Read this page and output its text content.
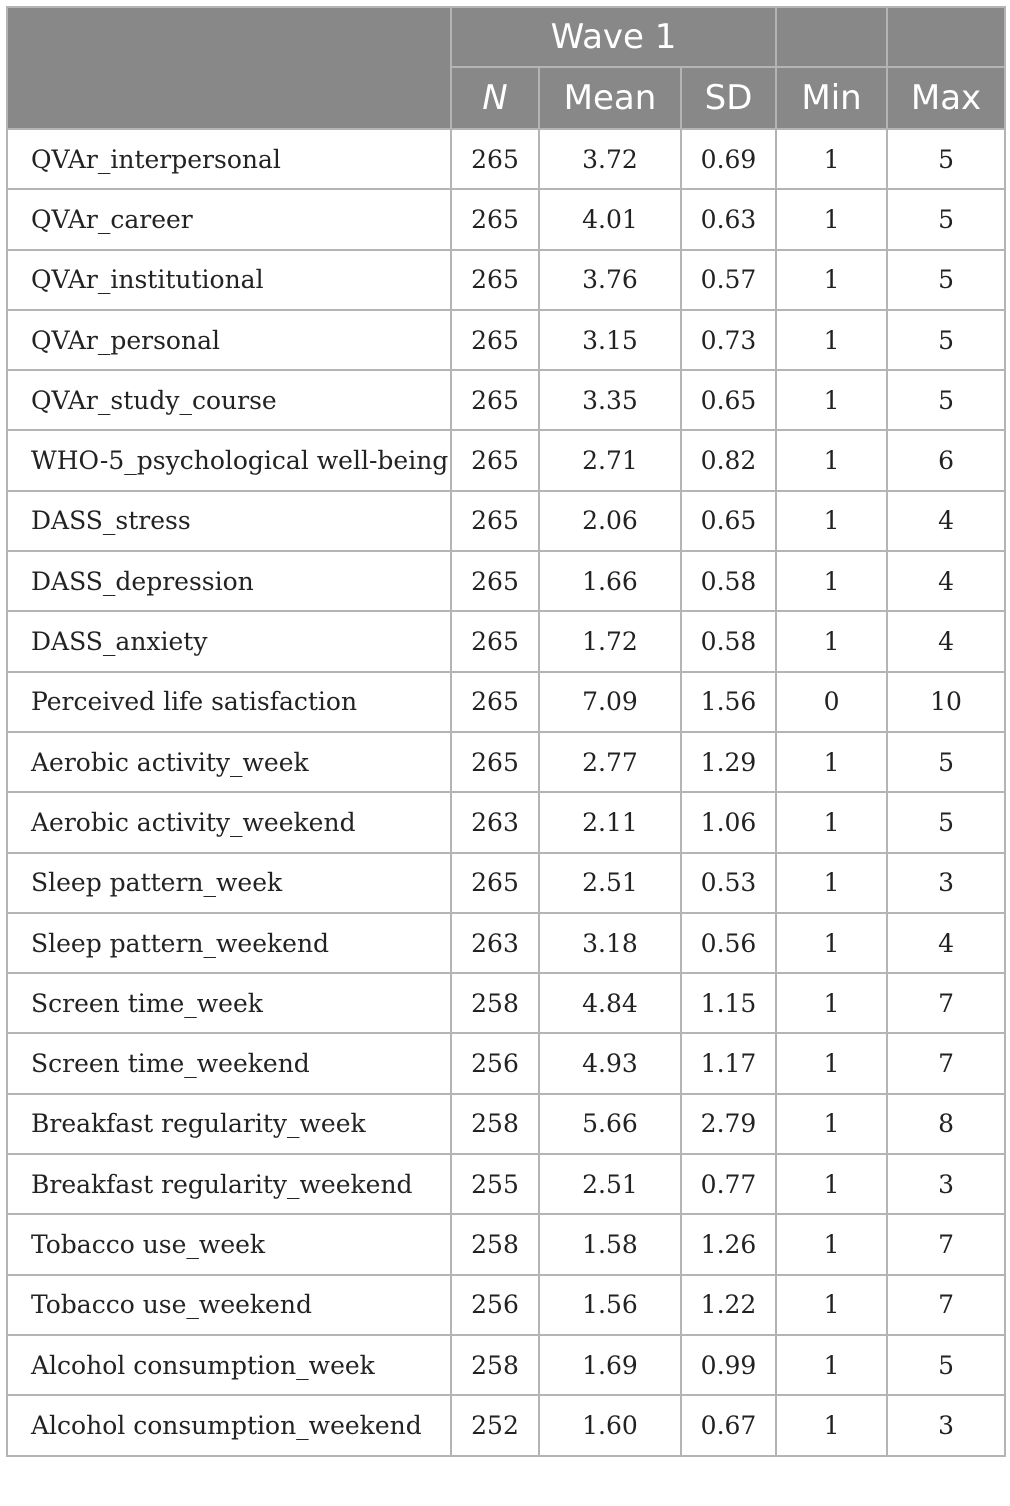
	Wave 1				
	N	Mean	SD	Min	Max
QVAr_interpersonal	265	3.72	0.69	1	5
QVAr_career	265	4.01	0.63	1	5
QVAr_institutional	265	3.76	0.57	1	5
QVAr_personal	265	3.15	0.73	1	5
QVAr_study_course	265	3.35	0.65	1	5
WHO-5_psychological well-being	265	2.71	0.82	1	6
DASS_stress	265	2.06	0.65	1	4
DASS_depression	265	1.66	0.58	1	4
DASS_anxiety	265	1.72	0.58	1	4
Perceived life satisfaction	265	7.09	1.56	0	10
Aerobic activity_week	265	2.77	1.29	1	5
Aerobic activity_weekend	263	2.11	1.06	1	5
Sleep pattern_week	265	2.51	0.53	1	3
Sleep pattern_weekend	263	3.18	0.56	1	4
Screen time_week	258	4.84	1.15	1	7
Screen time_weekend	256	4.93	1.17	1	7
Breakfast regularity_week	258	5.66	2.79	1	8
Breakfast regularity_weekend	255	2.51	0.77	1	3
Tobacco use_week	258	1.58	1.26	1	7
Tobacco use_weekend	256	1.56	1.22	1	7
Alcohol consumption_week	258	1.69	0.99	1	5
Alcohol consumption_weekend	252	1.60	0.67	1	3
